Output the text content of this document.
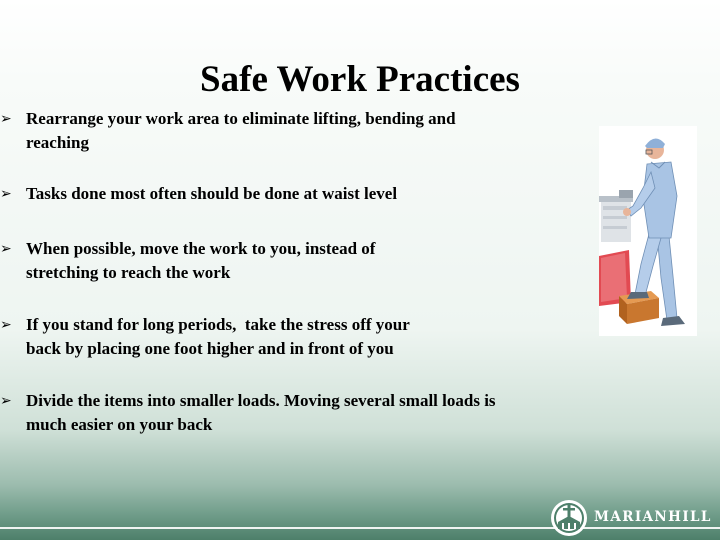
Safe Work Practices
➢ Rearrange your work area to eliminate lifting, bending and
reaching
➢ Tasks done most often should be done at waist level
➢ When possible, move the work to you, instead of
stretching to reach the work
➢ If you stand for long periods,  take the stress off your
back by placing one foot higher and in front of you
➢ Divide the items into smaller loads. Moving several small loads is
much easier on your back
MARIANHILL
